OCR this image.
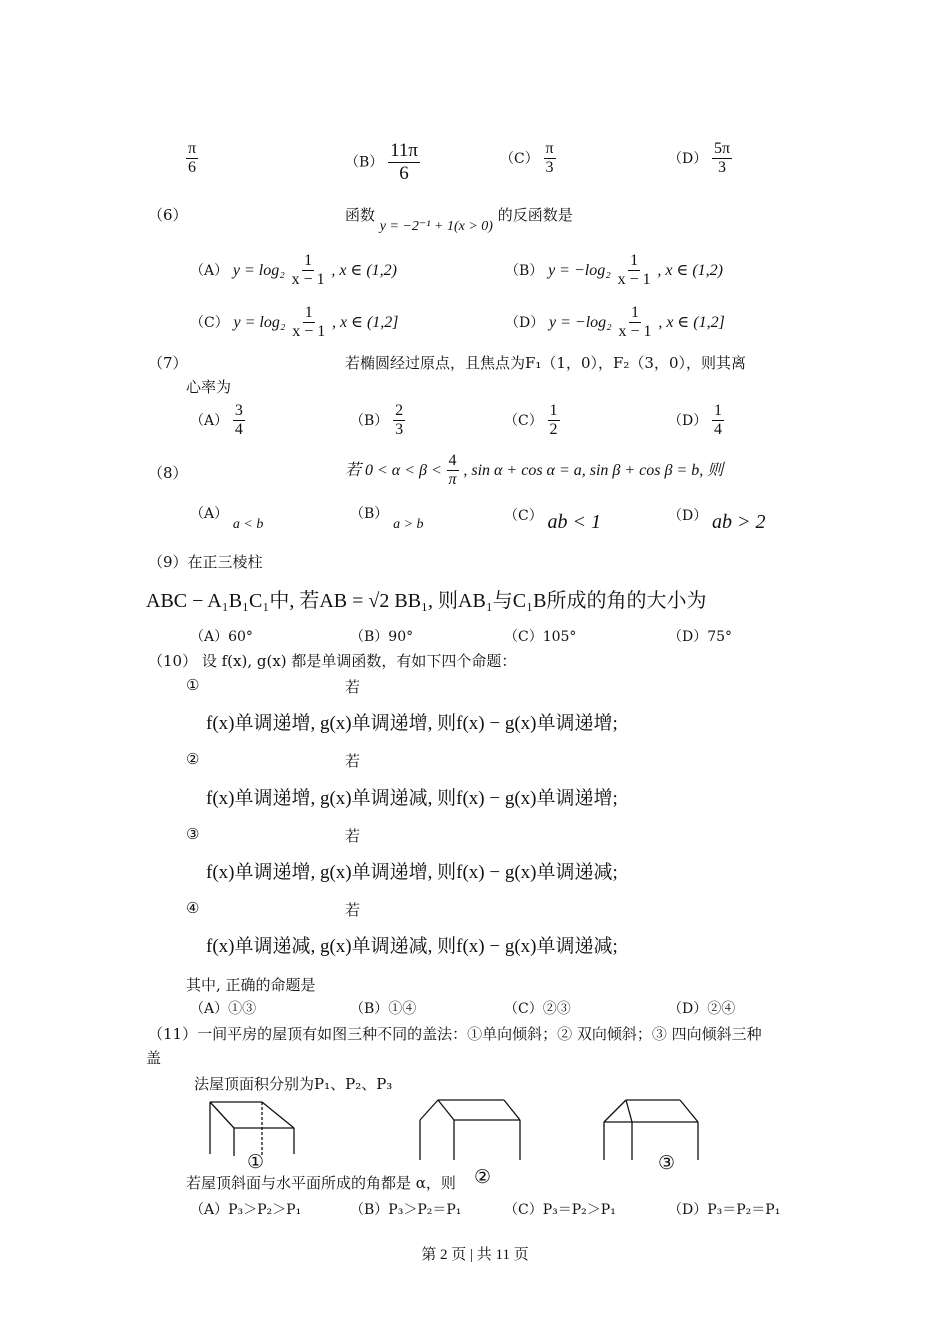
$\frac{\pi}{6}$	$(B) \frac{11\pi}{6}$	$(C) \frac{\pi}{3}$	$(D) \frac{5\pi}{3}$
（6）	函数 y = −2⁻¹ + 1(x > 0) 的反函数是
（A） $y = \log_2 \frac{1}{x - 1}$ , x ∈ (1,2)	（B） $y = -\log_2 \frac{1}{x - 1}$ , x ∈ (1,2)
（C） $y = \log_2 \frac{1}{x - 1}$ , x ∈ (1,2]	（D） $y = -\log_2 \frac{1}{x - 1}$ , x ∈ (1,2]
（7）	若椭圆经过原点，且焦点为F₁（1，0），F₂（3，0），则其离
心率为
$(A) \frac{3}{4}$	$(B) \frac{2}{3}$	$(C) \frac{1}{2}$	$(D) \frac{1}{4}$
（8）	若 $0 < \alpha < \beta < \frac{4}{\pi}$ , sin α + cos α = a, sin β + cos β = b, 则
（A） a < b
（B） a > b
（C） ab < 1	（D） ab > 2
（9）在正三棱柱
ABC − A₁B₁C₁中, 若AB = √2 BB₁, 则AB₁与C₁B所成的角的大小为
（A）60°	（B）90°	（C）105°	（D）75°
（10） 设 f(x), g(x) 都是单调函数，有如下四个命题：
①	若
f(x)单调递增, g(x)单调递增, 则f(x) − g(x)单调递增;
②	若
f(x)单调递增, g(x)单调递减, 则f(x) − g(x)单调递增;
③	若
f(x)单调递增, g(x)单调递增, 则f(x) − g(x)单调递减;
④	若
f(x)单调递减, g(x)单调递减, 则f(x) − g(x)单调递减;
其中, 正确的命题是
（A）①③	（B）①④	（C）②③	（D）②④
（11）一间平房的屋顶有如图三种不同的盖法：①单向倾斜；② 双向倾斜；③ 四向倾斜三种
盖
法屋顶面积分别为P₁、P₂、P₃
①
②
③
若屋顶斜面与水平面所成的角都是 α，则
（A）P₃＞P₂＞P₁	（B）P₃＞P₂＝P₁	（C）P₃＝P₂＞P₁	（D）P₃＝P₂＝P₁
第 2 页 | 共 11 页
